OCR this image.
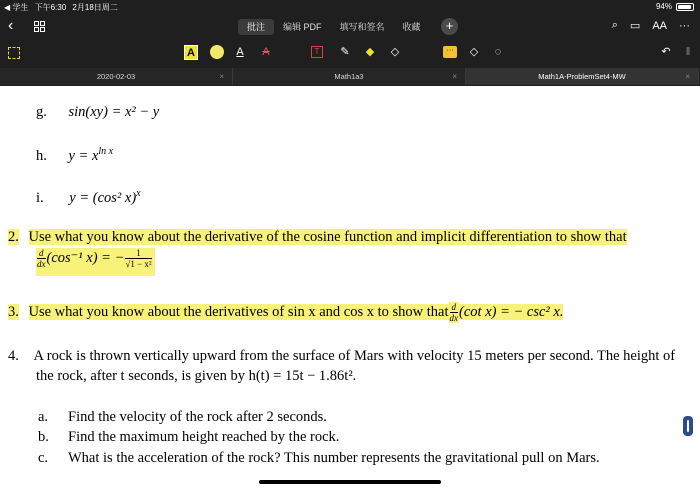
◀ 学生 下午6:30 2月18日周二	94%
‹	批注	编辑 PDF	填写和签名	收藏	+	⌕ ▭ AA ···
A	A A	T	✎ ◆ ◇	···	◇ ◌	↶ ‖
2020-02-03	×	Math1a3	×	Math1A-ProblemSet4-MW	×
g. sin(xy) = x² − y
h. $y = x^{ln x}$
i. y = (cos² x)$^x$
2. Use what you know about the derivative of the cosine function and implicit differentiation to show that
$\frac{d}{dx} (\cos^{-1}$ x) = − $\frac{1}{\text{√1 − x²}}$
3. Use what you know about the derivatives of sin x and cos x to show that $\frac{d}{dx} (\cot$ x) = − csc² x.
4. A rock is thrown vertically upward from the surface of Mars with velocity 15 meters per second. The height of
the rock, after t seconds, is given by h(t) = 15t − 1.86t².
a. Find the velocity of the rock after 2 seconds.
b. Find the maximum height reached by the rock.
c. What is the acceleration of the rock? This number represents the gravitational pull on Mars.
